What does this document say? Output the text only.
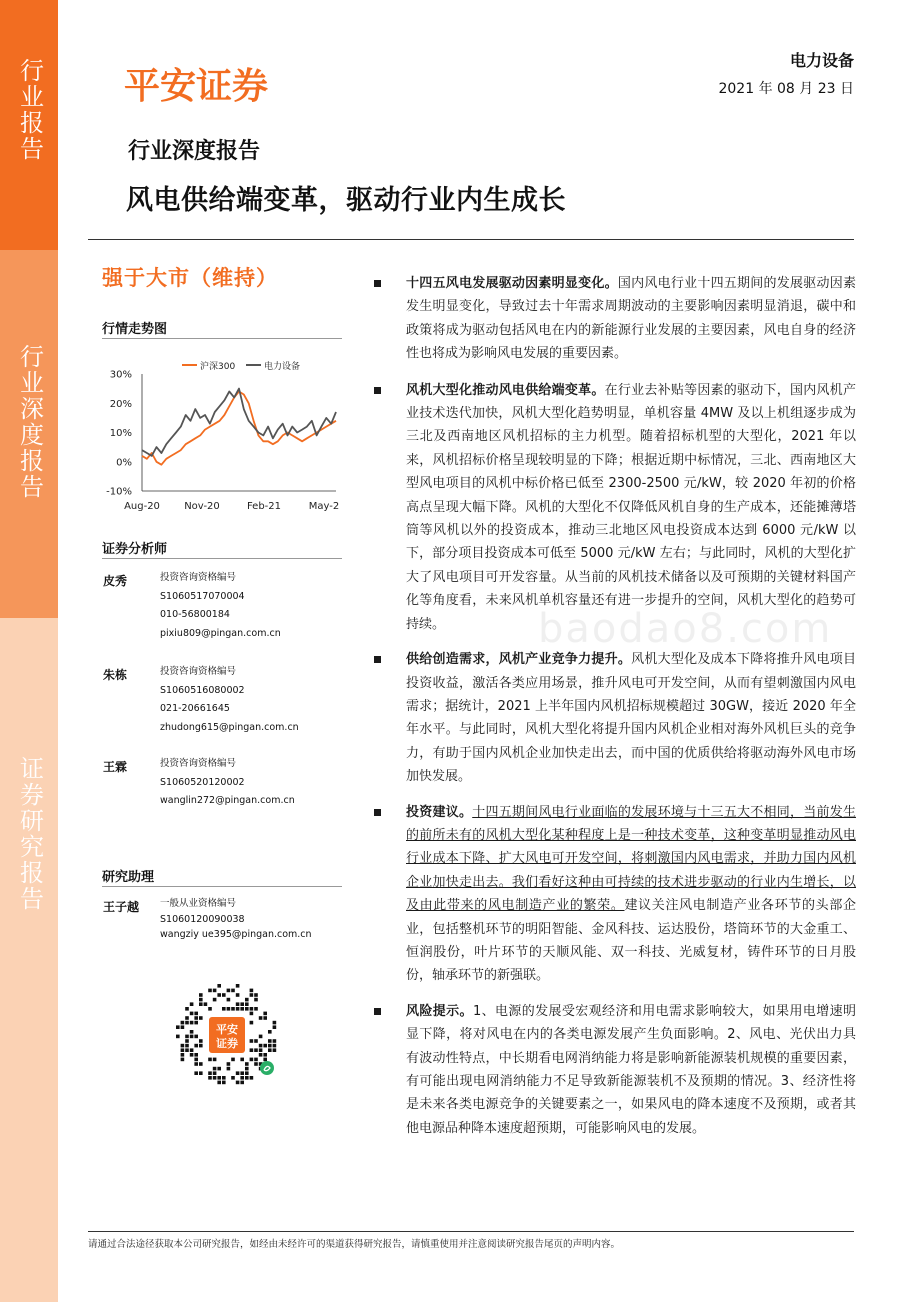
行业报告
行业深度报告
证券研究报告
平安证券
电力设备
2021 年 08 月 23 日
行业深度报告
风电供给端变革，驱动行业内生成长
强于大市（维持）
行情走势图
沪深300	电力设备
30%
20%
10%
0%
-10%
Aug-20 Nov-20	Feb-21	May-2
证券分析师
皮秀	投资咨询资格编号
S1060517070004
010-56800184
pixiu809@pingan.com.cn
朱栋	投资咨询资格编号
S1060516080002
021-20661645
zhudong615@pingan.com.cn
王霖	投资咨询资格编号
S1060520120002
wanglin272@pingan.com.cn
研究助理
王子越 一般从业资格编号
S1060120090038
wangziy ue395@pingan.com.cn
平安
证券
十四五风电发展驱动因素明显变化。国内风电行业十四五期间的发展驱动因素发生明显变化，导致过去十年需求周期波动的主要影响因素明显消退，碳中和政策将成为驱动包括风电在内的新能源行业发展的主要因素，风电自身的经济性也将成为影响风电发展的重要因素。
风机大型化推动风电供给端变革。在行业去补贴等因素的驱动下，国内风机产业技术迭代加快，风机大型化趋势明显，单机容量 4MW 及以上机组逐步成为三北及西南地区风机招标的主力机型。随着招标机型的大型化，2021 年以来，风机招标价格呈现较明显的下降；根据近期中标情况，三北、西南地区大型风电项目的风机中标价格已低至 2300-2500 元/kW，较 2020 年初的价格高点呈现大幅下降。风机的大型化不仅降低风机自身的生产成本，还能摊薄塔筒等风机以外的投资成本，推动三北地区风电投资成本达到 6000 元/kW 以下，部分项目投资成本可低至 5000 元/kW 左右；与此同时，风机的大型化扩大了风电项目可开发容量。从当前的风机技术储备以及可预期的关键材料国产化等角度看，未来风机单机容量还有进一步提升的空间，风机大型化的趋势可持续。
供给创造需求，风机产业竞争力提升。风机大型化及成本下降将推升风电项目投资收益，激活各类应用场景，推升风电可开发空间，从而有望刺激国内风电需求；据统计，2021 上半年国内风机招标规模超过 30GW，接近 2020 年全年水平。与此同时，风机大型化将提升国内风机企业相对海外风机巨头的竞争力，有助于国内风机企业加快走出去，而中国的优质供给将驱动海外风电市场加快发展。
投资建议。十四五期间风电行业面临的发展环境与十三五大不相同，当前发生的前所未有的风机大型化某种程度上是一种技术变革，这种变革明显推动风电行业成本下降、扩大风电可开发空间，将刺激国内风电需求，并助力国内风机企业加快走出去。我们看好这种由可持续的技术进步驱动的行业内生增长，以及由此带来的风电制造产业的繁荣。建议关注风电制造产业各环节的头部企业，包括整机环节的明阳智能、金风科技、运达股份，塔筒环节的大金重工、恒润股份，叶片环节的天顺风能、双一科技、光威复材，铸件环节的日月股份，轴承环节的新强联。
风险提示。1、电源的发展受宏观经济和用电需求影响较大，如果用电增速明显下降，将对风电在内的各类电源发展产生负面影响。2、风电、光伏出力具有波动性特点，中长期看电网消纳能力将是影响新能源装机规模的重要因素，有可能出现电网消纳能力不足导致新能源装机不及预期的情况。3、经济性将是未来各类电源竞争的关键要素之一，如果风电的降本速度不及预期，或者其他电源品种降本速度超预期，可能影响风电的发展。
baodao8.com
请通过合法途径获取本公司研究报告，如经由未经许可的渠道获得研究报告，请慎重使用并注意阅读研究报告尾页的声明内容。
